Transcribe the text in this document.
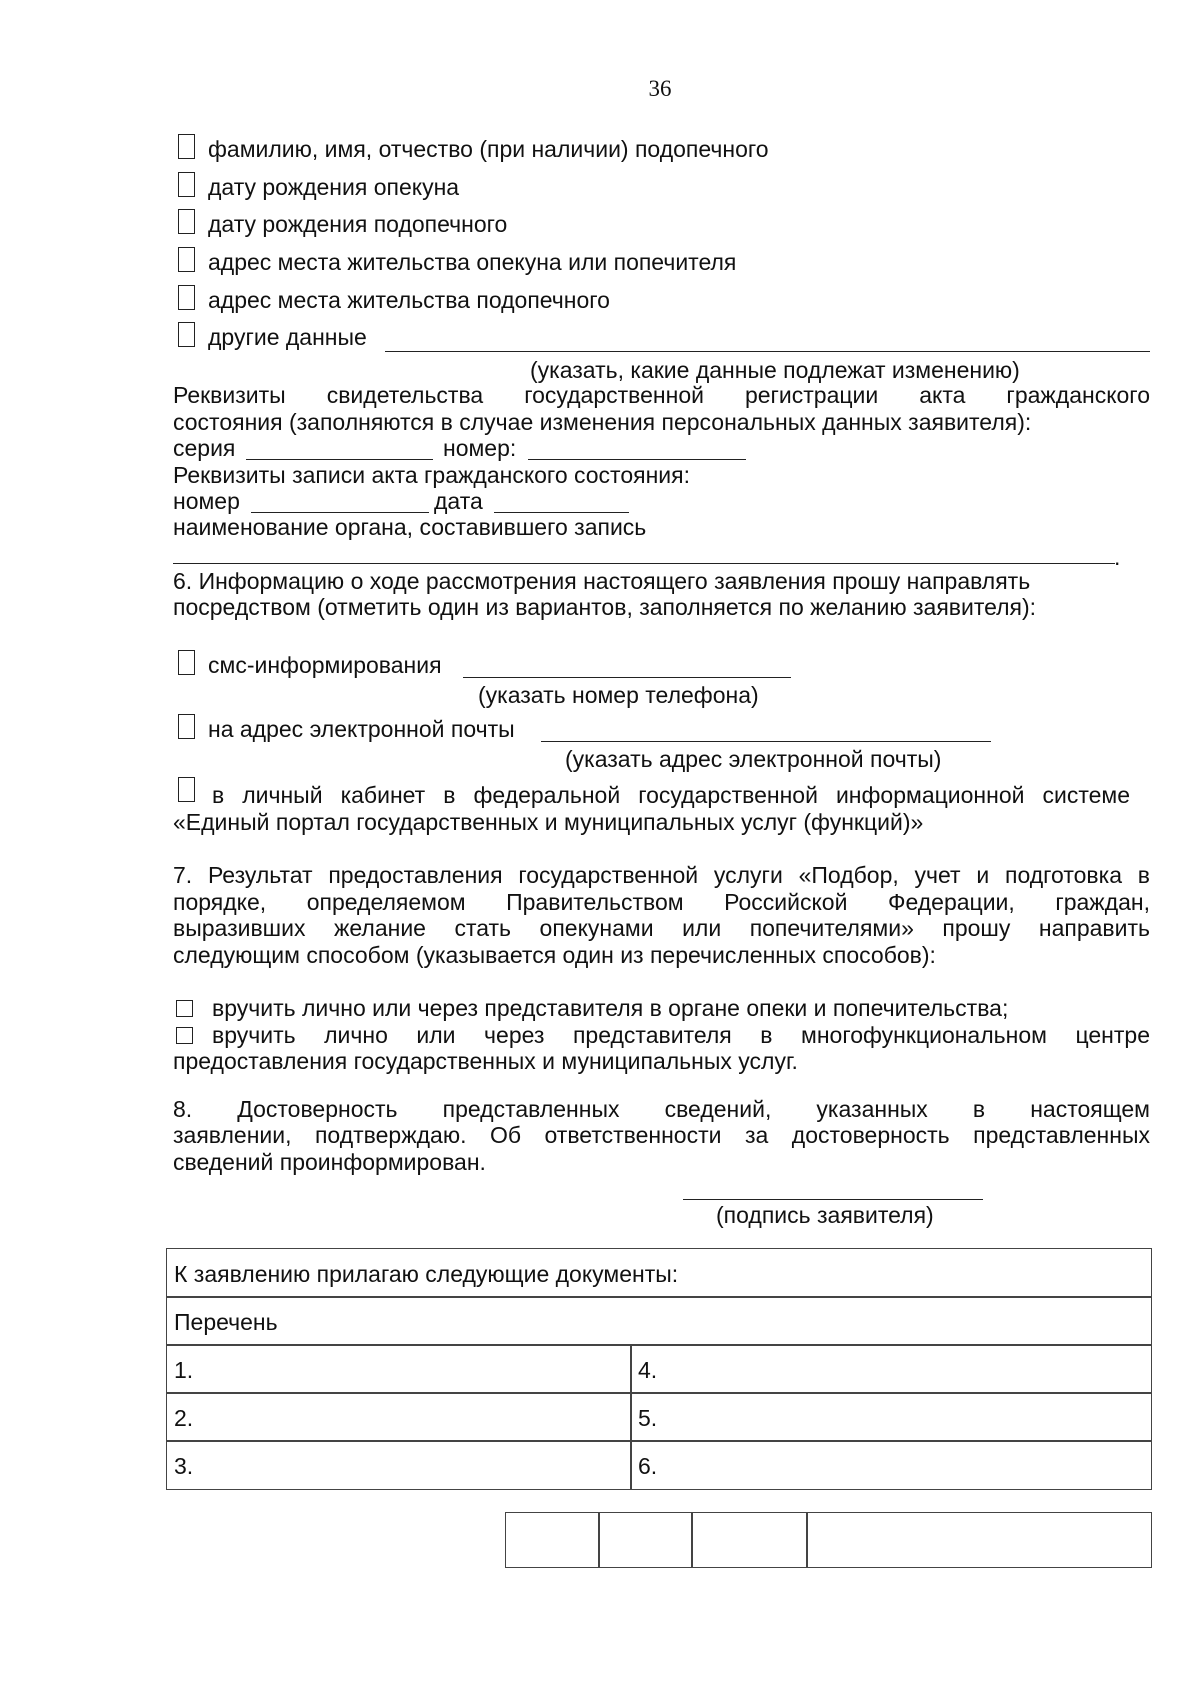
36
фамилию, имя, отчество (при наличии) подопечного
дату рождения опекуна
дату рождения подопечного
адрес места жительства опекуна или попечителя
адрес места жительства подопечного
другие данные
(указать, какие данные подлежат изменению)
Реквизиты свидетельства государственной регистрации акта гражданского
состояния (заполняются в случае изменения персональных данных заявителя):
серия	номер:
Реквизиты записи акта гражданского состояния:
номер	дата
наименование органа, составившего запись
.
6. Информацию о ходе рассмотрения настоящего заявления прошу направлять
посредством (отметить один из вариантов, заполняется по желанию заявителя):
смс-информирования
(указать номер телефона)
на адрес электронной почты
(указать адрес электронной почты)
в личный кабинет в федеральной государственной информационной системе
«Единый портал государственных и муниципальных услуг (функций)»
7. Результат предоставления государственной услуги «Подбор, учет и подготовка в
порядке, определяемом Правительством Российской Федерации, граждан,
выразивших желание стать опекунами или попечителями» прошу направить
следующим способом (указывается один из перечисленных способов):
вручить лично или через представителя в органе опеки и попечительства;
вручить лично или через представителя в многофункциональном центре
предоставления государственных и муниципальных услуг.
8. Достоверность представленных сведений, указанных в настоящем
заявлении, подтверждаю. Об ответственности за достоверность представленных
сведений проинформирован.
(подпись заявителя)
К заявлению прилагаю следующие документы:
Перечень
1.	4.
2.	5.
3.	6.
